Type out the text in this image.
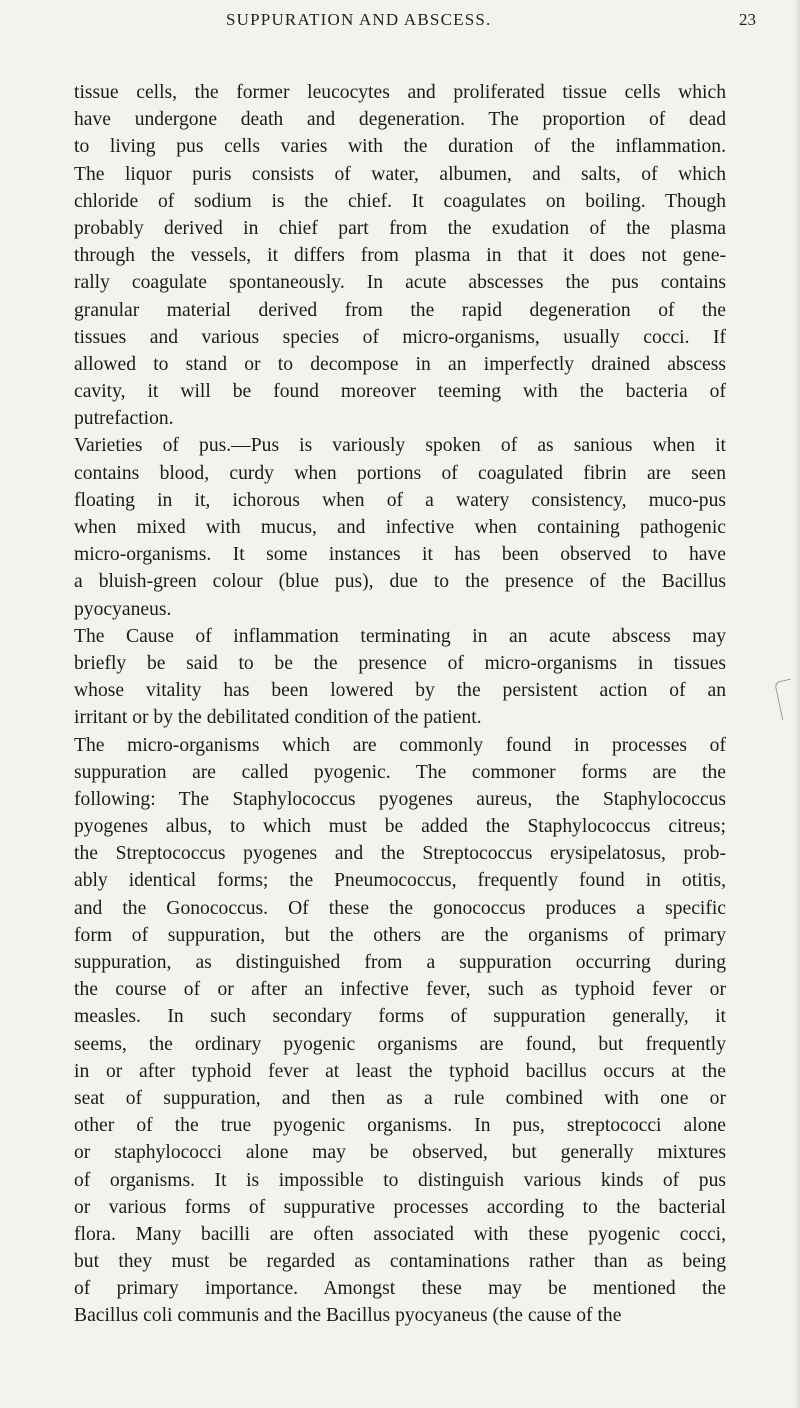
SUPPURATION AND ABSCESS.	23
tissue cells, the former leucocytes and proliferated tissue cells which
have undergone death and degeneration. The proportion of dead
to living pus cells varies with the duration of the inflammation.
The liquor puris consists of water, albumen, and salts, of which
chloride of sodium is the chief. It coagulates on boiling. Though
probably derived in chief part from the exudation of the plasma
through the vessels, it differs from plasma in that it does not gene-
rally coagulate spontaneously. In acute abscesses the pus contains
granular material derived from the rapid degeneration of the
tissues and various species of micro-organisms, usually cocci. If
allowed to stand or to decompose in an imperfectly drained abscess
cavity, it will be found moreover teeming with the bacteria of
putrefaction.
Varieties of pus.—Pus is variously spoken of as sanious when it
contains blood, curdy when portions of coagulated fibrin are seen
floating in it, ichorous when of a watery consistency, muco-pus
when mixed with mucus, and infective when containing pathogenic
micro-organisms. It some instances it has been observed to have
a bluish-green colour (blue pus), due to the presence of the Bacillus
pyocyaneus.
The Cause of inflammation terminating in an acute abscess may
briefly be said to be the presence of micro-organisms in tissues
whose vitality has been lowered by the persistent action of an
irritant or by the debilitated condition of the patient.
The micro-organisms which are commonly found in processes of
suppuration are called pyogenic. The commoner forms are the
following: The Staphylococcus pyogenes aureus, the Staphylococcus
pyogenes albus, to which must be added the Staphylococcus citreus;
the Streptococcus pyogenes and the Streptococcus erysipelatosus, prob-
ably identical forms; the Pneumococcus, frequently found in otitis,
and the Gonococcus. Of these the gonococcus produces a specific
form of suppuration, but the others are the organisms of primary
suppuration, as distinguished from a suppuration occurring during
the course of or after an infective fever, such as typhoid fever or
measles. In such secondary forms of suppuration generally, it
seems, the ordinary pyogenic organisms are found, but frequently
in or after typhoid fever at least the typhoid bacillus occurs at the
seat of suppuration, and then as a rule combined with one or
other of the true pyogenic organisms. In pus, streptococci alone
or staphylococci alone may be observed, but generally mixtures
of organisms. It is impossible to distinguish various kinds of pus
or various forms of suppurative processes according to the bacterial
flora. Many bacilli are often associated with these pyogenic cocci,
but they must be regarded as contaminations rather than as being
of primary importance. Amongst these may be mentioned the
Bacillus coli communis and the Bacillus pyocyaneus (the cause of the
